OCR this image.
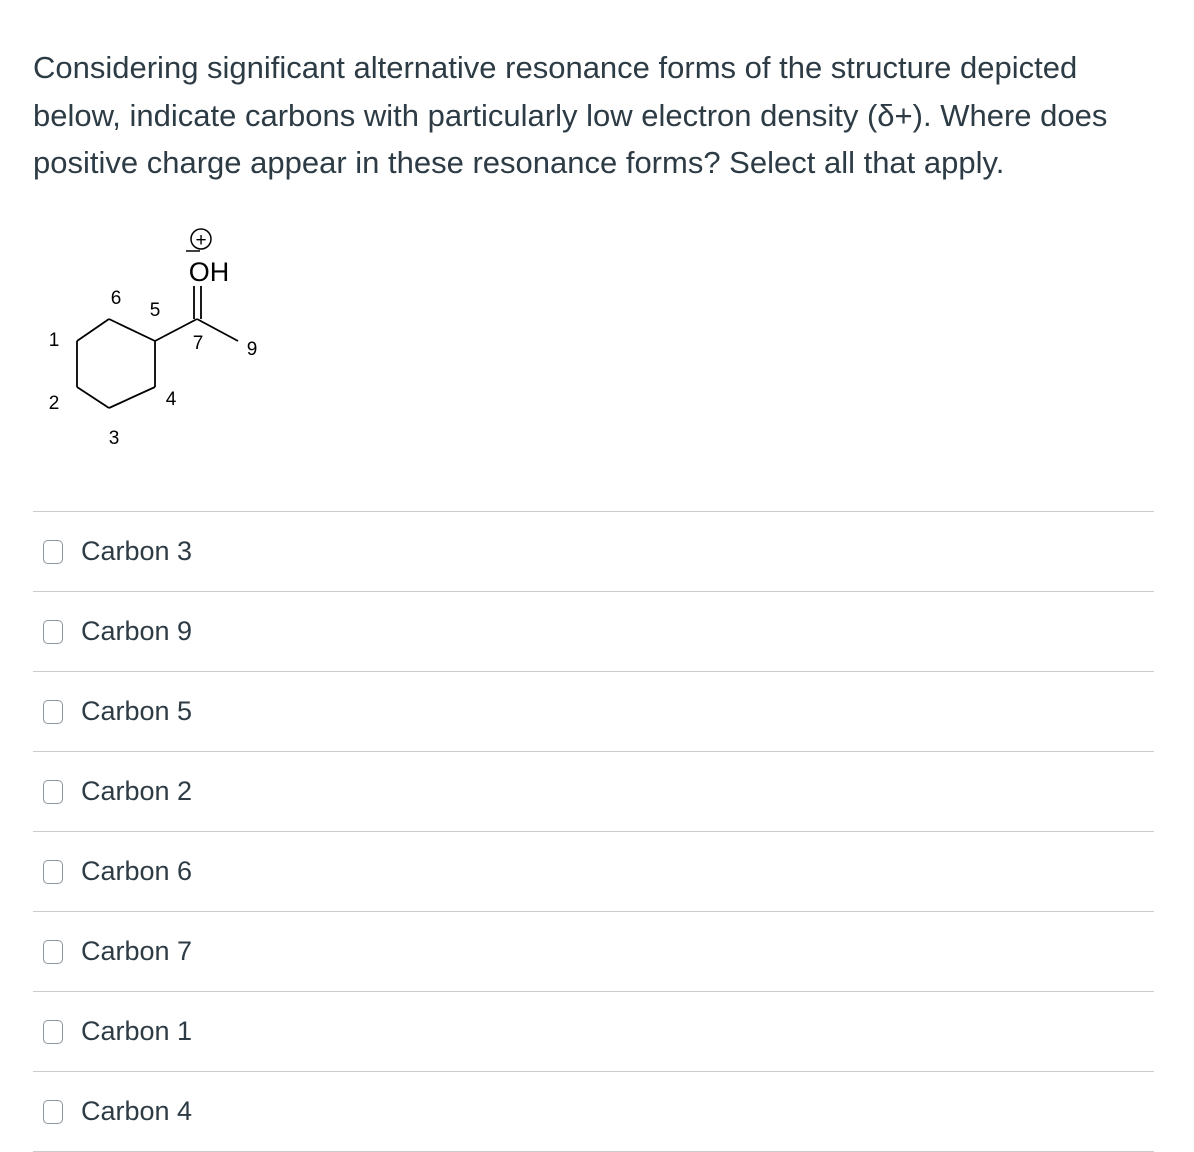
Considering significant alternative resonance forms of the structure depicted below, indicate carbons with particularly low electron density (δ+). Where does positive charge appear in these resonance forms? Select all that apply.

+
OH
1
2
3
4
5
6
7 9
Carbon 3
Carbon 9
Carbon 5
Carbon 2
Carbon 6
Carbon 7
Carbon 1
Carbon 4
